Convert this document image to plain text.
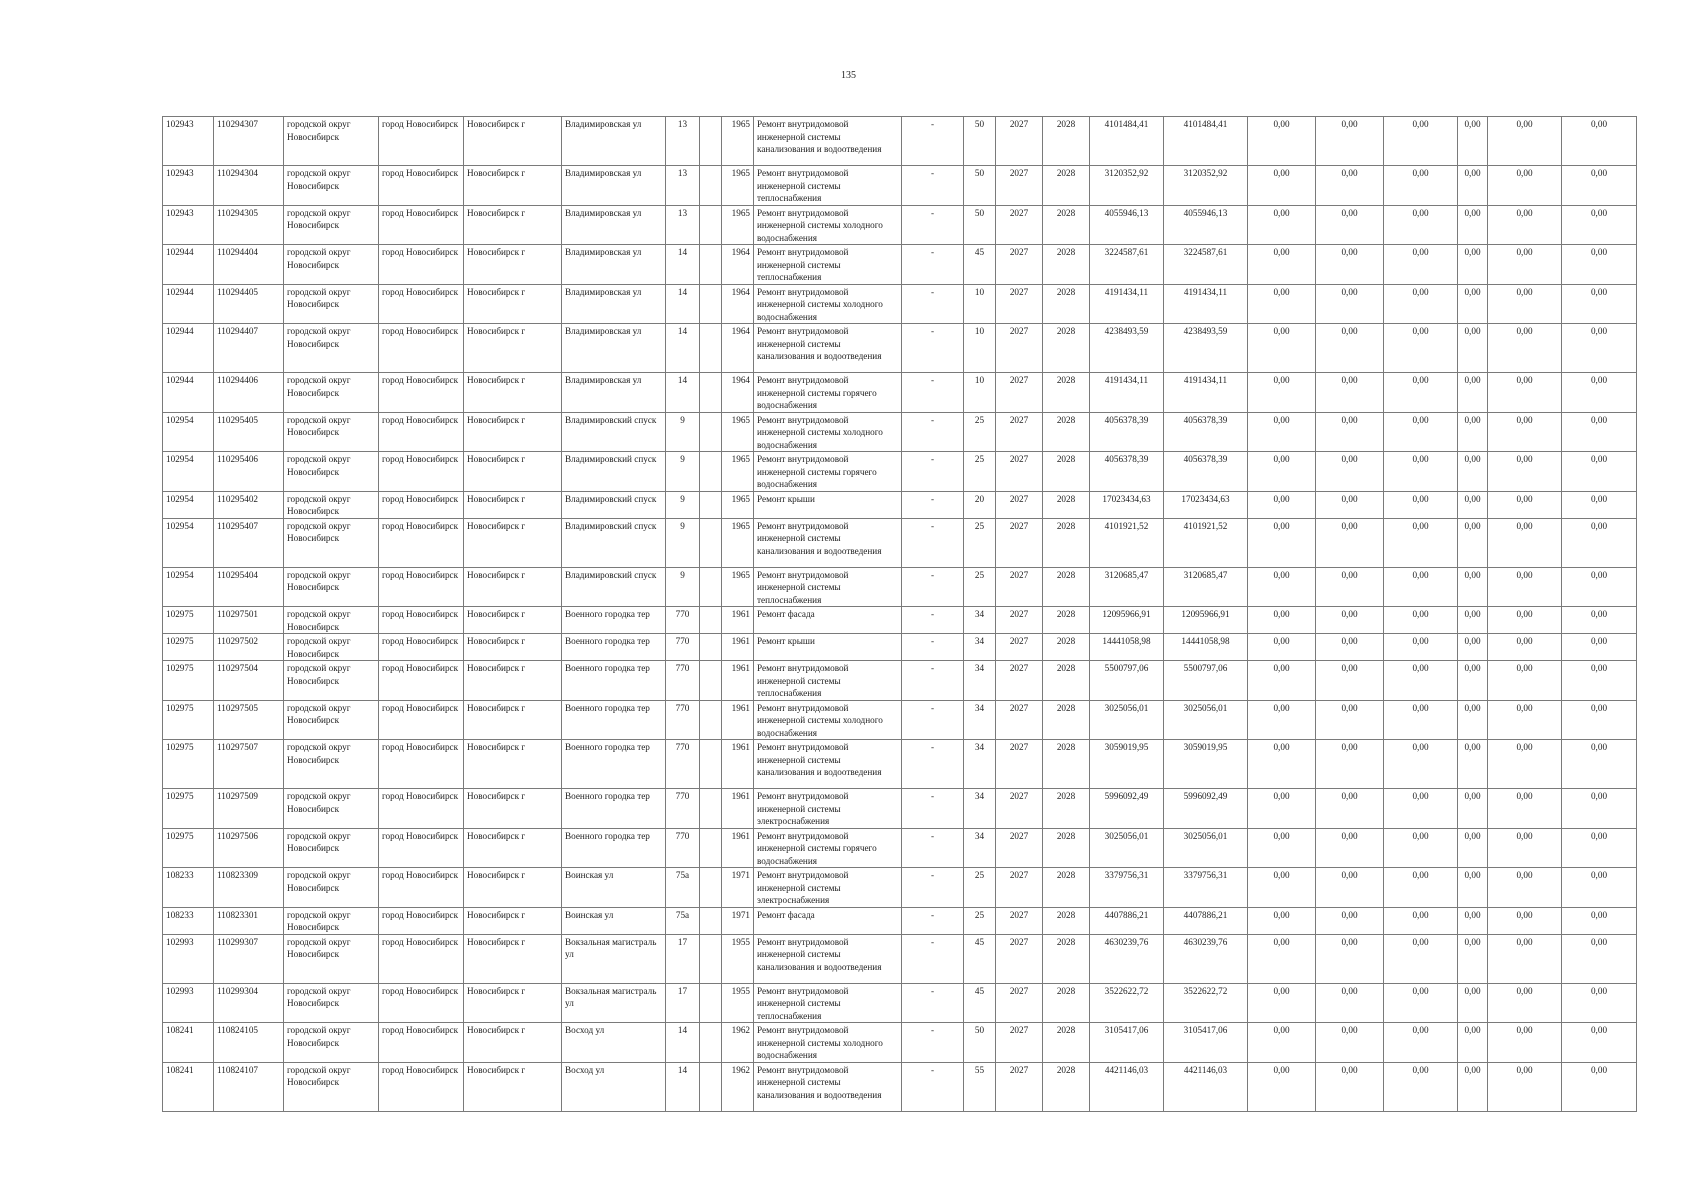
135
102943	110294307	городской округ Новосибирск	город Новосибирск	Новосибирск г	Владимировская ул	13		1965	Ремонт внутридомовой инженерной системы канализования и водоотведения	-	50	2027	2028	4101484,41	4101484,41	0,00	0,00	0,00	0,00	0,00	0,00
102943	110294304	городской округ Новосибирск	город Новосибирск	Новосибирск г	Владимировская ул	13		1965	Ремонт внутридомовой инженерной системы теплоснабжения	-	50	2027	2028	3120352,92	3120352,92	0,00	0,00	0,00	0,00	0,00	0,00
102943	110294305	городской округ Новосибирск	город Новосибирск	Новосибирск г	Владимировская ул	13		1965	Ремонт внутридомовой инженерной системы холодного водоснабжения	-	50	2027	2028	4055946,13	4055946,13	0,00	0,00	0,00	0,00	0,00	0,00
102944	110294404	городской округ Новосибирск	город Новосибирск	Новосибирск г	Владимировская ул	14		1964	Ремонт внутридомовой инженерной системы теплоснабжения	-	45	2027	2028	3224587,61	3224587,61	0,00	0,00	0,00	0,00	0,00	0,00
102944	110294405	городской округ Новосибирск	город Новосибирск	Новосибирск г	Владимировская ул	14		1964	Ремонт внутридомовой инженерной системы холодного водоснабжения	-	10	2027	2028	4191434,11	4191434,11	0,00	0,00	0,00	0,00	0,00	0,00
102944	110294407	городской округ Новосибирск	город Новосибирск	Новосибирск г	Владимировская ул	14		1964	Ремонт внутридомовой инженерной системы канализования и водоотведения	-	10	2027	2028	4238493,59	4238493,59	0,00	0,00	0,00	0,00	0,00	0,00
102944	110294406	городской округ Новосибирск	город Новосибирск	Новосибирск г	Владимировская ул	14		1964	Ремонт внутридомовой инженерной системы горячего водоснабжения	-	10	2027	2028	4191434,11	4191434,11	0,00	0,00	0,00	0,00	0,00	0,00
102954	110295405	городской округ Новосибирск	город Новосибирск	Новосибирск г	Владимировский спуск	9		1965	Ремонт внутридомовой инженерной системы холодного водоснабжения	-	25	2027	2028	4056378,39	4056378,39	0,00	0,00	0,00	0,00	0,00	0,00
102954	110295406	городской округ Новосибирск	город Новосибирск	Новосибирск г	Владимировский спуск	9		1965	Ремонт внутридомовой инженерной системы горячего водоснабжения	-	25	2027	2028	4056378,39	4056378,39	0,00	0,00	0,00	0,00	0,00	0,00
102954	110295402	городской округ Новосибирск	город Новосибирск	Новосибирск г	Владимировский спуск	9		1965	Ремонт крыши	-	20	2027	2028	17023434,63	17023434,63	0,00	0,00	0,00	0,00	0,00	0,00
102954	110295407	городской округ Новосибирск	город Новосибирск	Новосибирск г	Владимировский спуск	9		1965	Ремонт внутридомовой инженерной системы канализования и водоотведения	-	25	2027	2028	4101921,52	4101921,52	0,00	0,00	0,00	0,00	0,00	0,00
102954	110295404	городской округ Новосибирск	город Новосибирск	Новосибирск г	Владимировский спуск	9		1965	Ремонт внутридомовой инженерной системы теплоснабжения	-	25	2027	2028	3120685,47	3120685,47	0,00	0,00	0,00	0,00	0,00	0,00
102975	110297501	городской округ Новосибирск	город Новосибирск	Новосибирск г	Военного городка тер	770		1961	Ремонт фасада	-	34	2027	2028	12095966,91	12095966,91	0,00	0,00	0,00	0,00	0,00	0,00
102975	110297502	городской округ Новосибирск	город Новосибирск	Новосибирск г	Военного городка тер	770		1961	Ремонт крыши	-	34	2027	2028	14441058,98	14441058,98	0,00	0,00	0,00	0,00	0,00	0,00
102975	110297504	городской округ Новосибирск	город Новосибирск	Новосибирск г	Военного городка тер	770		1961	Ремонт внутридомовой инженерной системы теплоснабжения	-	34	2027	2028	5500797,06	5500797,06	0,00	0,00	0,00	0,00	0,00	0,00
102975	110297505	городской округ Новосибирск	город Новосибирск	Новосибирск г	Военного городка тер	770		1961	Ремонт внутридомовой инженерной системы холодного водоснабжения	-	34	2027	2028	3025056,01	3025056,01	0,00	0,00	0,00	0,00	0,00	0,00
102975	110297507	городской округ Новосибирск	город Новосибирск	Новосибирск г	Военного городка тер	770		1961	Ремонт внутридомовой инженерной системы канализования и водоотведения	-	34	2027	2028	3059019,95	3059019,95	0,00	0,00	0,00	0,00	0,00	0,00
102975	110297509	городской округ Новосибирск	город Новосибирск	Новосибирск г	Военного городка тер	770		1961	Ремонт внутридомовой инженерной системы электроснабжения	-	34	2027	2028	5996092,49	5996092,49	0,00	0,00	0,00	0,00	0,00	0,00
102975	110297506	городской округ Новосибирск	город Новосибирск	Новосибирск г	Военного городка тер	770		1961	Ремонт внутридомовой инженерной системы горячего водоснабжения	-	34	2027	2028	3025056,01	3025056,01	0,00	0,00	0,00	0,00	0,00	0,00
108233	110823309	городской округ Новосибирск	город Новосибирск	Новосибирск г	Воинская ул	75а		1971	Ремонт внутридомовой инженерной системы электроснабжения	-	25	2027	2028	3379756,31	3379756,31	0,00	0,00	0,00	0,00	0,00	0,00
108233	110823301	городской округ Новосибирск	город Новосибирск	Новосибирск г	Воинская ул	75а		1971	Ремонт фасада	-	25	2027	2028	4407886,21	4407886,21	0,00	0,00	0,00	0,00	0,00	0,00
102993	110299307	городской округ Новосибирск	город Новосибирск	Новосибирск г	Вокзальная магистраль ул	17		1955	Ремонт внутридомовой инженерной системы канализования и водоотведения	-	45	2027	2028	4630239,76	4630239,76	0,00	0,00	0,00	0,00	0,00	0,00
102993	110299304	городской округ Новосибирск	город Новосибирск	Новосибирск г	Вокзальная магистраль ул	17		1955	Ремонт внутридомовой инженерной системы теплоснабжения	-	45	2027	2028	3522622,72	3522622,72	0,00	0,00	0,00	0,00	0,00	0,00
108241	110824105	городской округ Новосибирск	город Новосибирск	Новосибирск г	Восход ул	14		1962	Ремонт внутридомовой инженерной системы холодного водоснабжения	-	50	2027	2028	3105417,06	3105417,06	0,00	0,00	0,00	0,00	0,00	0,00
108241	110824107	городской округ Новосибирск	город Новосибирск	Новосибирск г	Восход ул	14		1962	Ремонт внутридомовой инженерной системы канализования и водоотведения	-	55	2027	2028	4421146,03	4421146,03	0,00	0,00	0,00	0,00	0,00	0,00
